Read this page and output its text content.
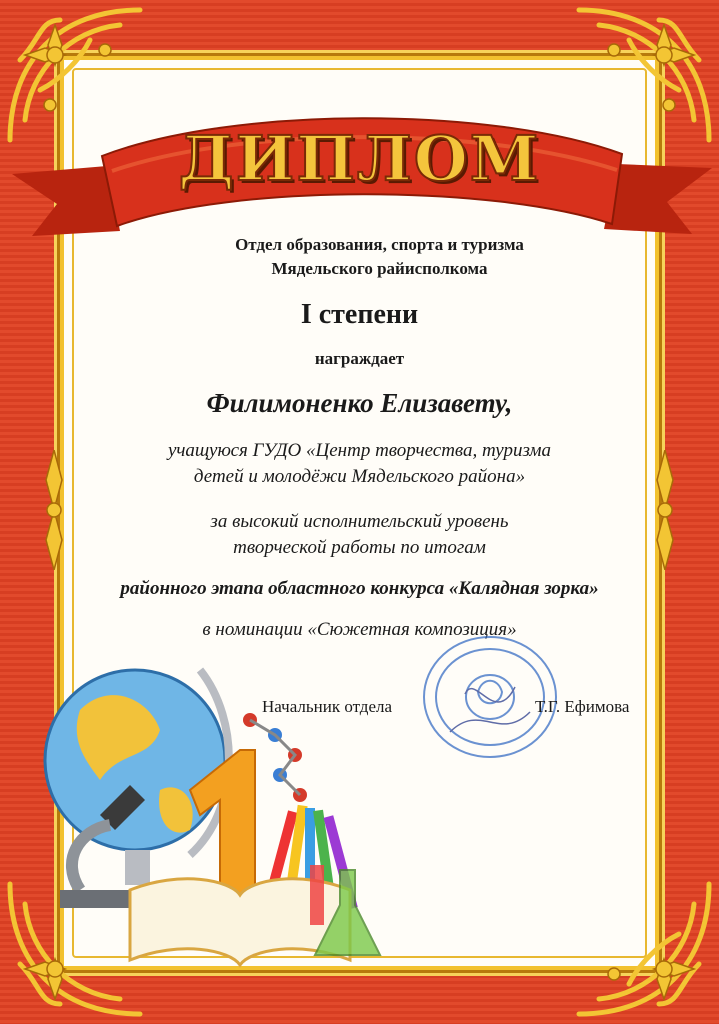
ДИПЛОМ
Отдел образования, спорта и туризма
Мядельского райисполкома
I степени
награждает
Филимоненко Елизавету,
учащуюся ГУДО «Центр творчества, туризма
детей и молодёжи Мядельского района»
за высокий исполнительский уровень
творческой работы по итогам
районного этапа областного конкурса «Калядная зорка»
в номинации «Сюжетная композиция»
Начальник отдела	Т.Г. Ефимова
